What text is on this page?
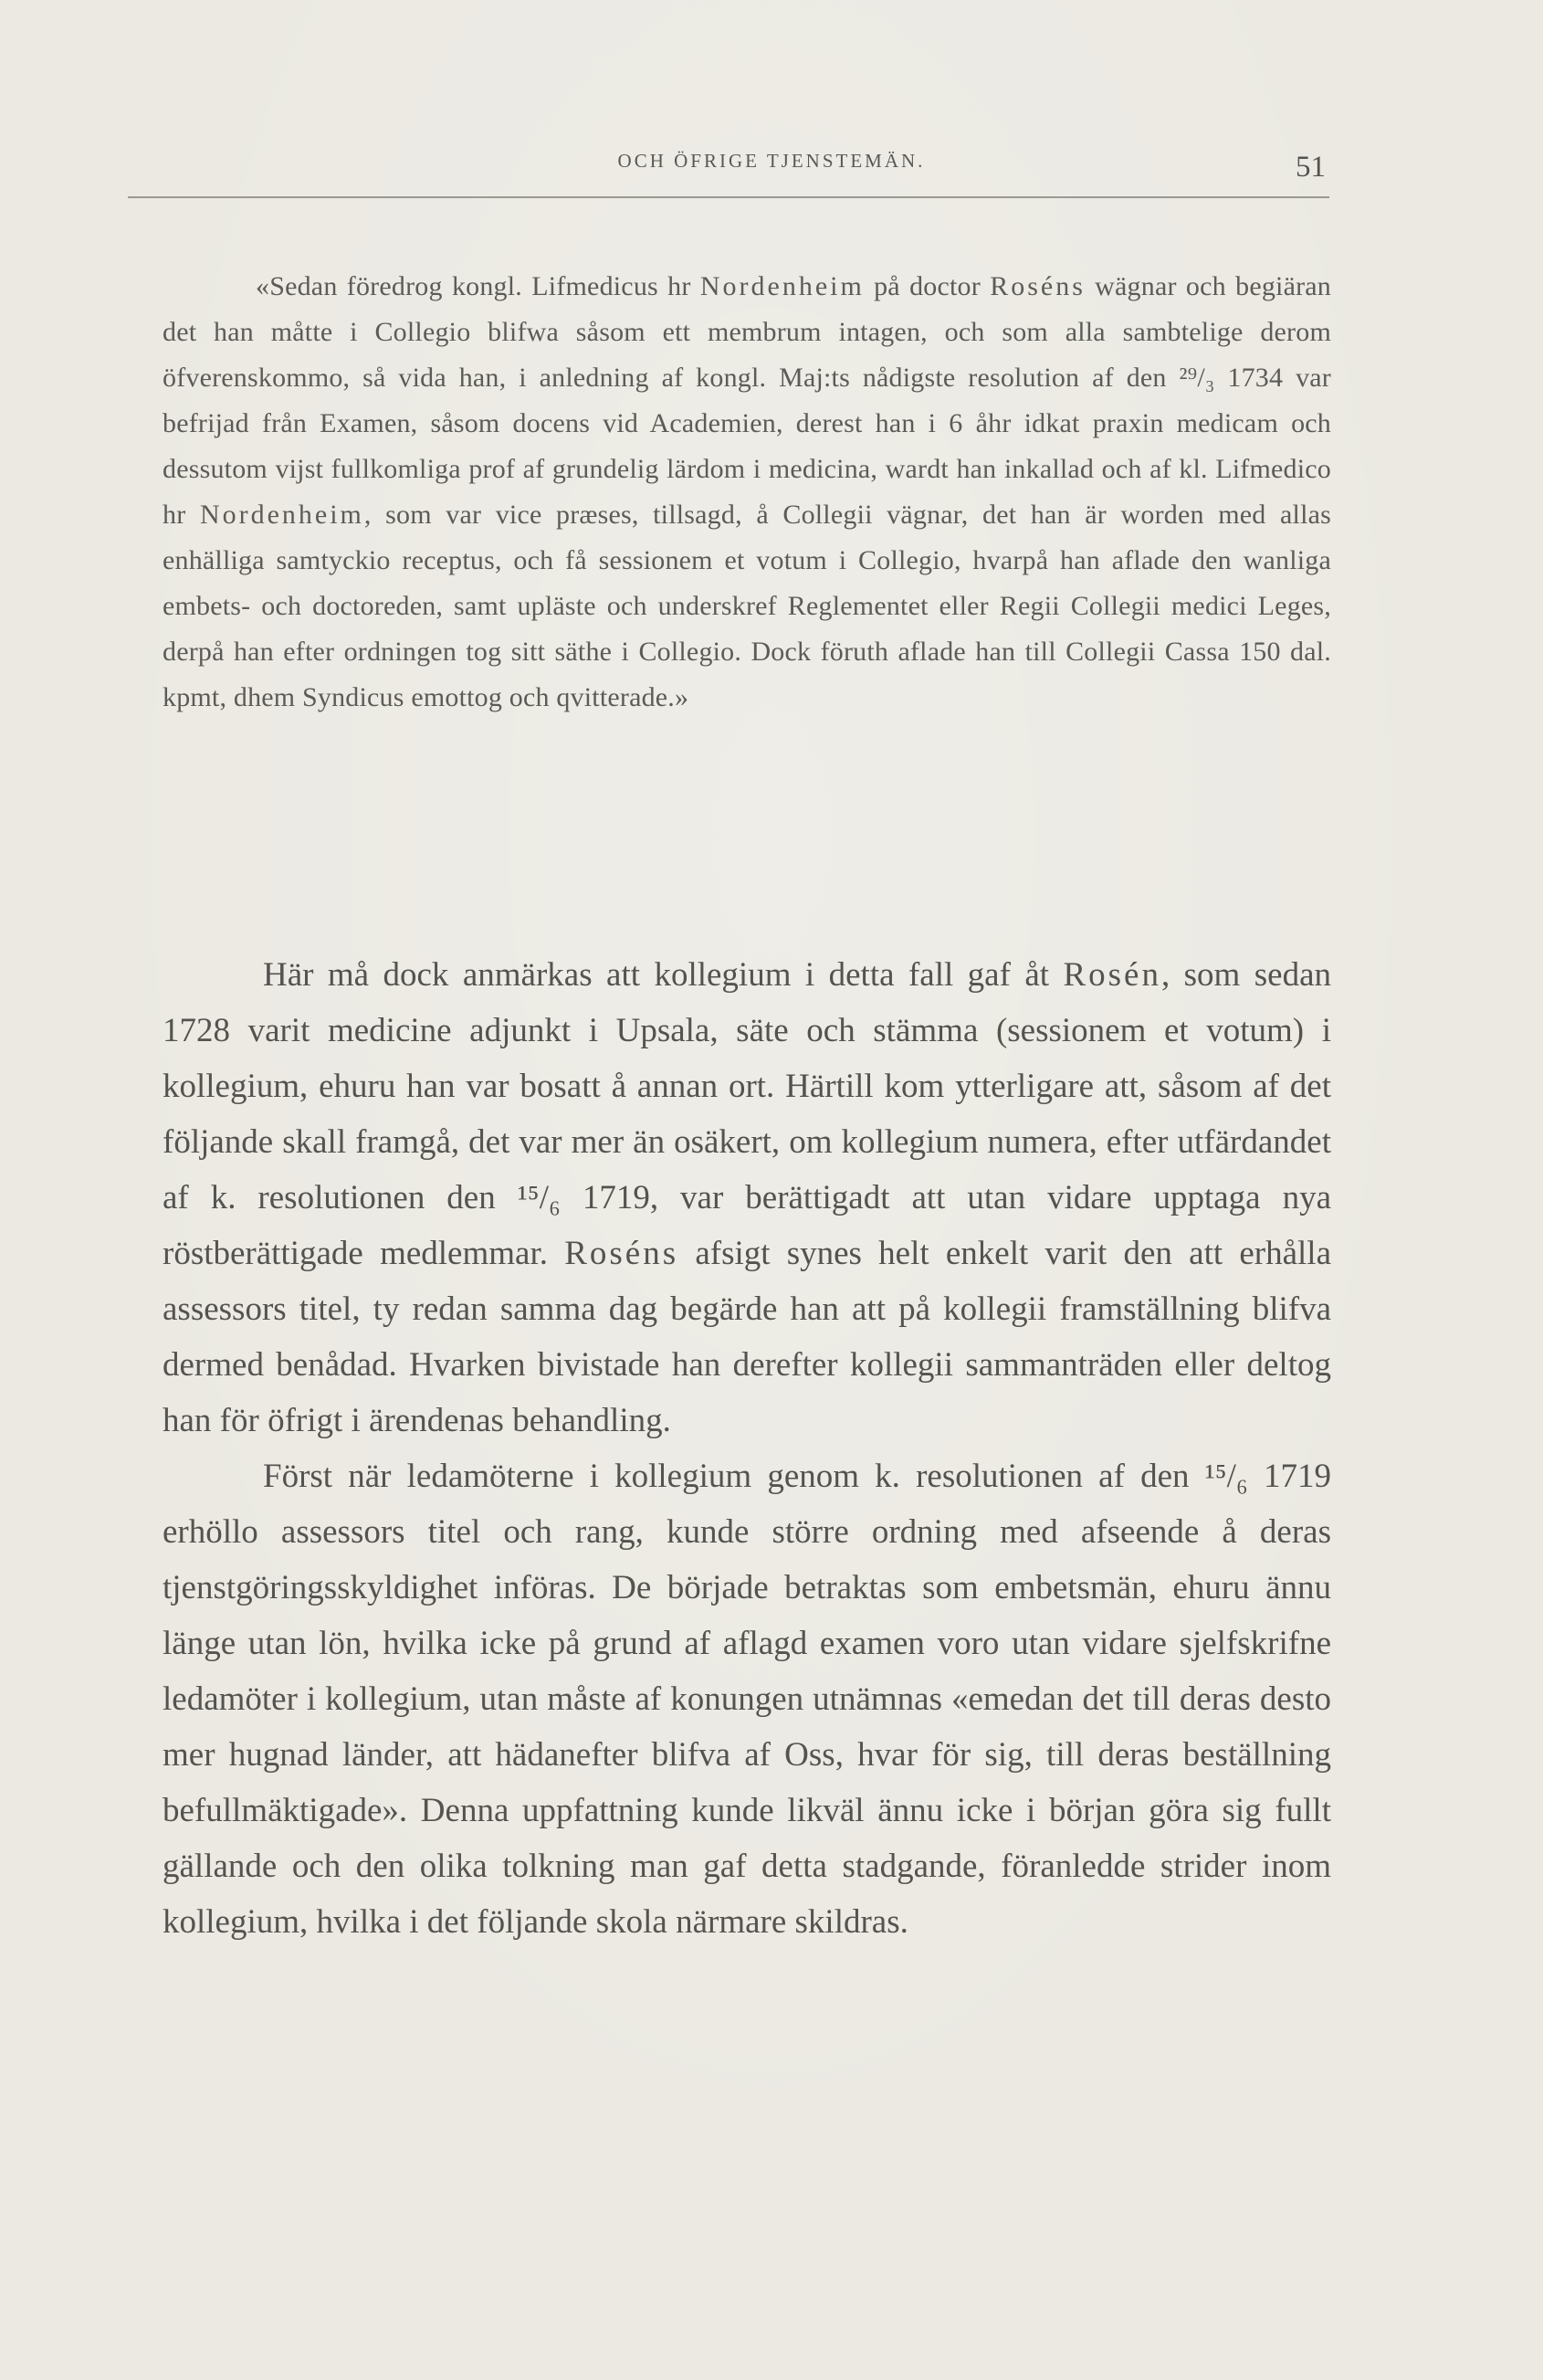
OCH ÖFRIGE TJENSTEMÄN.	51

«Sedan föredrog kongl. Lifmedicus hr Nordenheim på doctor Roséns wägnar och begiäran det han måtte i Collegio blifwa såsom ett membrum intagen, och som alla sambtelige derom öfverenskommo, så vida han, i anledning af kongl. Maj:ts nådigste resolution af den ²⁹/₃ 1734 var befrijad från Examen, såsom docens vid Academien, derest han i 6 åhr idkat praxin medicam och dessutom vijst fullkomliga prof af grundelig lärdom i medicina, wardt han inkallad och af kl. Lifmedico hr Nordenheim, som var vice præses, tillsagd, å Collegii vägnar, det han är worden med allas enhälliga samtyckio receptus, och få sessionem et votum i Collegio, hvarpå han aflade den wanliga embets- och doctoreden, samt upläste och underskref Reglementet eller Regii Collegii medici Leges, derpå han efter ordningen tog sitt säthe i Collegio. Dock föruth aflade han till Collegii Cassa 150 dal. kpmt, dhem Syndicus emottog och qvitterade.»

Här må dock anmärkas att kollegium i detta fall gaf åt Rosén, som sedan 1728 varit medicine adjunkt i Upsala, säte och stämma (sessionem et votum) i kollegium, ehuru han var bosatt å annan ort. Härtill kom ytterligare att, såsom af det följande skall framgå, det var mer än osäkert, om kollegium numera, efter utfärdandet af k. resolutionen den ¹⁵/₆ 1719, var berättigadt att utan vidare upptaga nya röstberättigade medlemmar. Roséns afsigt synes helt enkelt varit den att erhålla assessors titel, ty redan samma dag begärde han att på kollegii framställning blifva dermed benådad. Hvarken bivistade han derefter kollegii sammanträden eller deltog han för öfrigt i ärendenas behandling.

Först när ledamöterne i kollegium genom k. resolutionen af den ¹⁵/₆ 1719 erhöllo assessors titel och rang, kunde större ordning med afseende å deras tjenstgöringsskyldighet införas. De började betraktas som embetsmän, ehuru ännu länge utan lön, hvilka icke på grund af aflagd examen voro utan vidare sjelfskrifne ledamöter i kollegium, utan måste af konungen utnämnas «emedan det till deras desto mer hugnad länder, att hädanefter blifva af Oss, hvar för sig, till deras beställning befullmäktigade». Denna uppfattning kunde likväl ännu icke i början göra sig fullt gällande och den olika tolkning man gaf detta stadgande, föranledde strider inom kollegium, hvilka i det följande skola närmare skildras.
